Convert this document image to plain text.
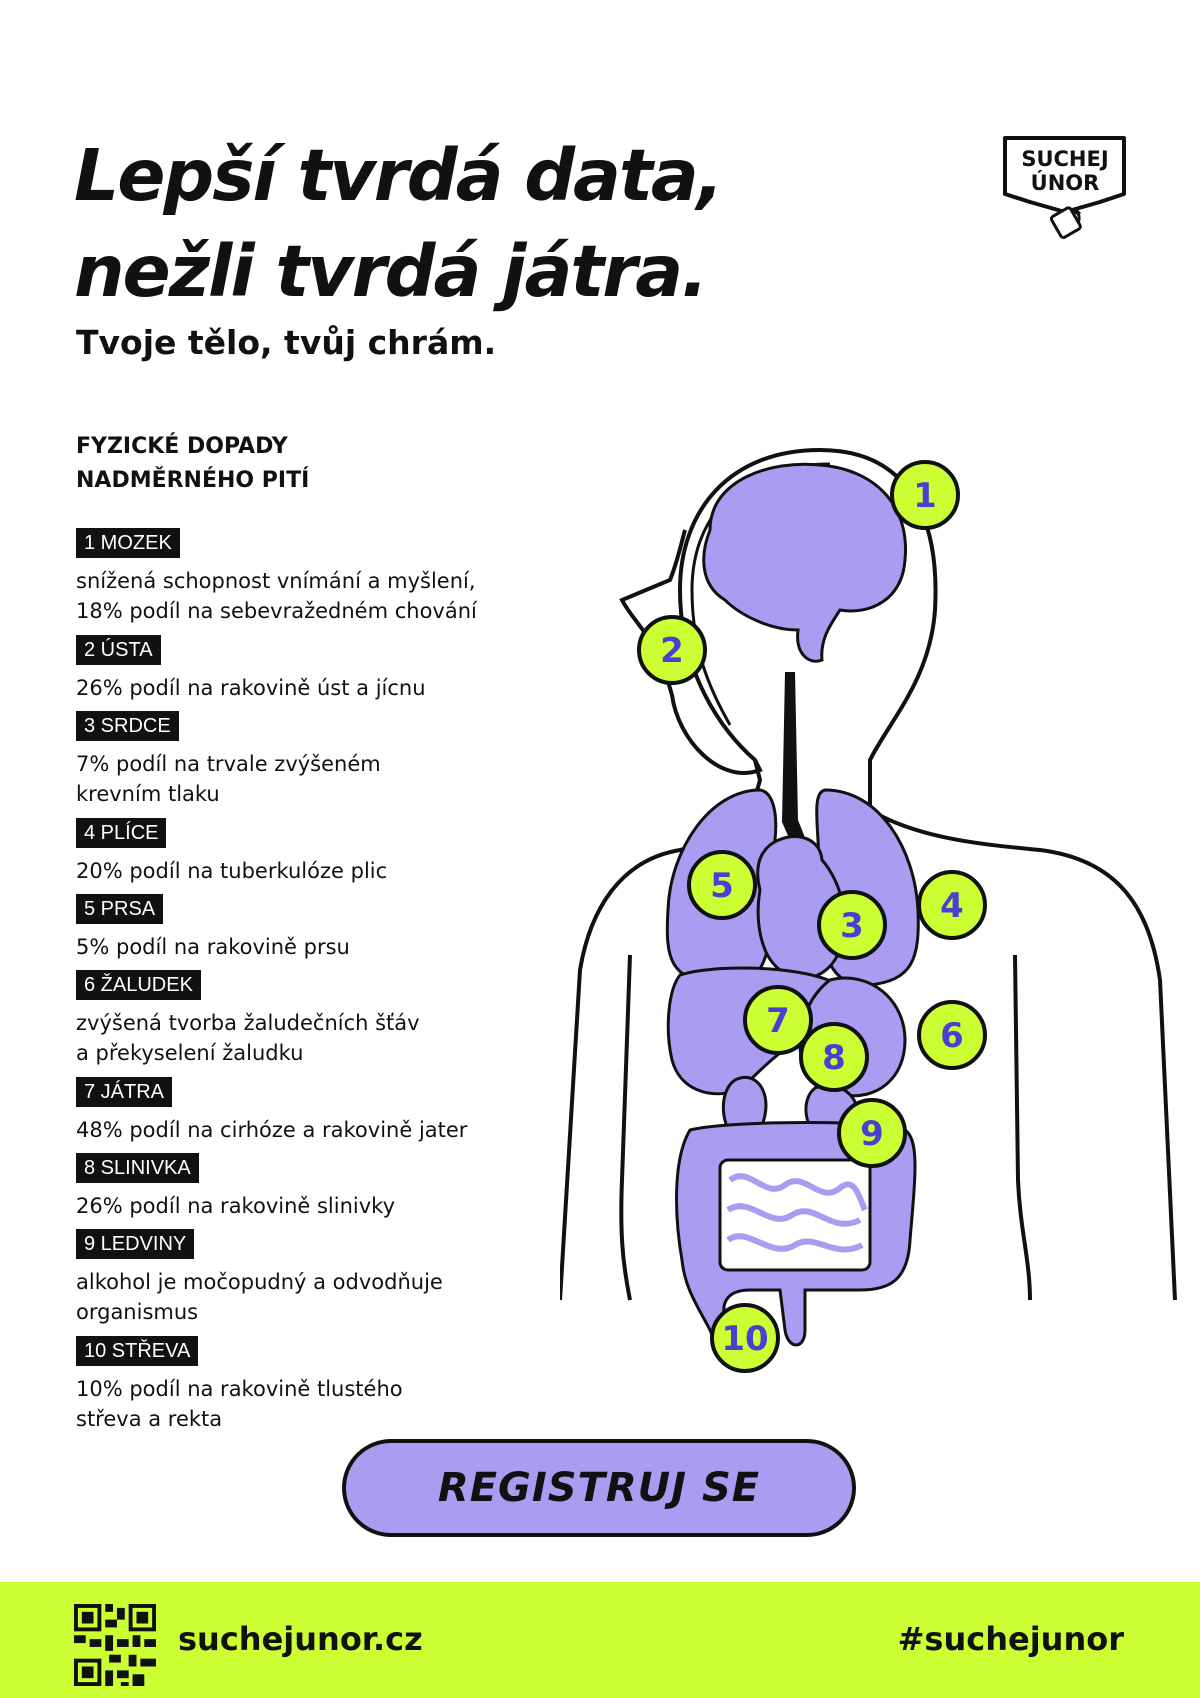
Lepší tvrdá data,
nežli tvrdá játra.

Tvoje tělo, tvůj chrám.

SUCHEJ
ÚNOR
FYZICKÉ DOPADY
NADMĚRNÉHO PITÍ
1 MOZEK
snížená schopnost vnímání a myšlení,
18% podíl na sebevražedném chování
2 ÚSTA
26% podíl na rakovině úst a jícnu
3 SRDCE
7% podíl na trvale zvýšeném
krevním tlaku
4 PLÍCE
20% podíl na tuberkulóze plic
5 PRSA
5% podíl na rakovině prsu
6 ŽALUDEK
zvýšená tvorba žaludečních šťáv
a překyselení žaludku
7 JÁTRA
48% podíl na cirhóze a rakovině jater
8 SLINIVKA
26% podíl na rakovině slinivky
9 LEDVINY
alkohol je močopudný a odvodňuje
organismus
10 STŘEVA
10% podíl na rakovině tlustého
střeva a rekta
1
2
3 4
5
6
7
8
9
10
REGISTRUJ SE
suchejunor.cz	#suchejunor
